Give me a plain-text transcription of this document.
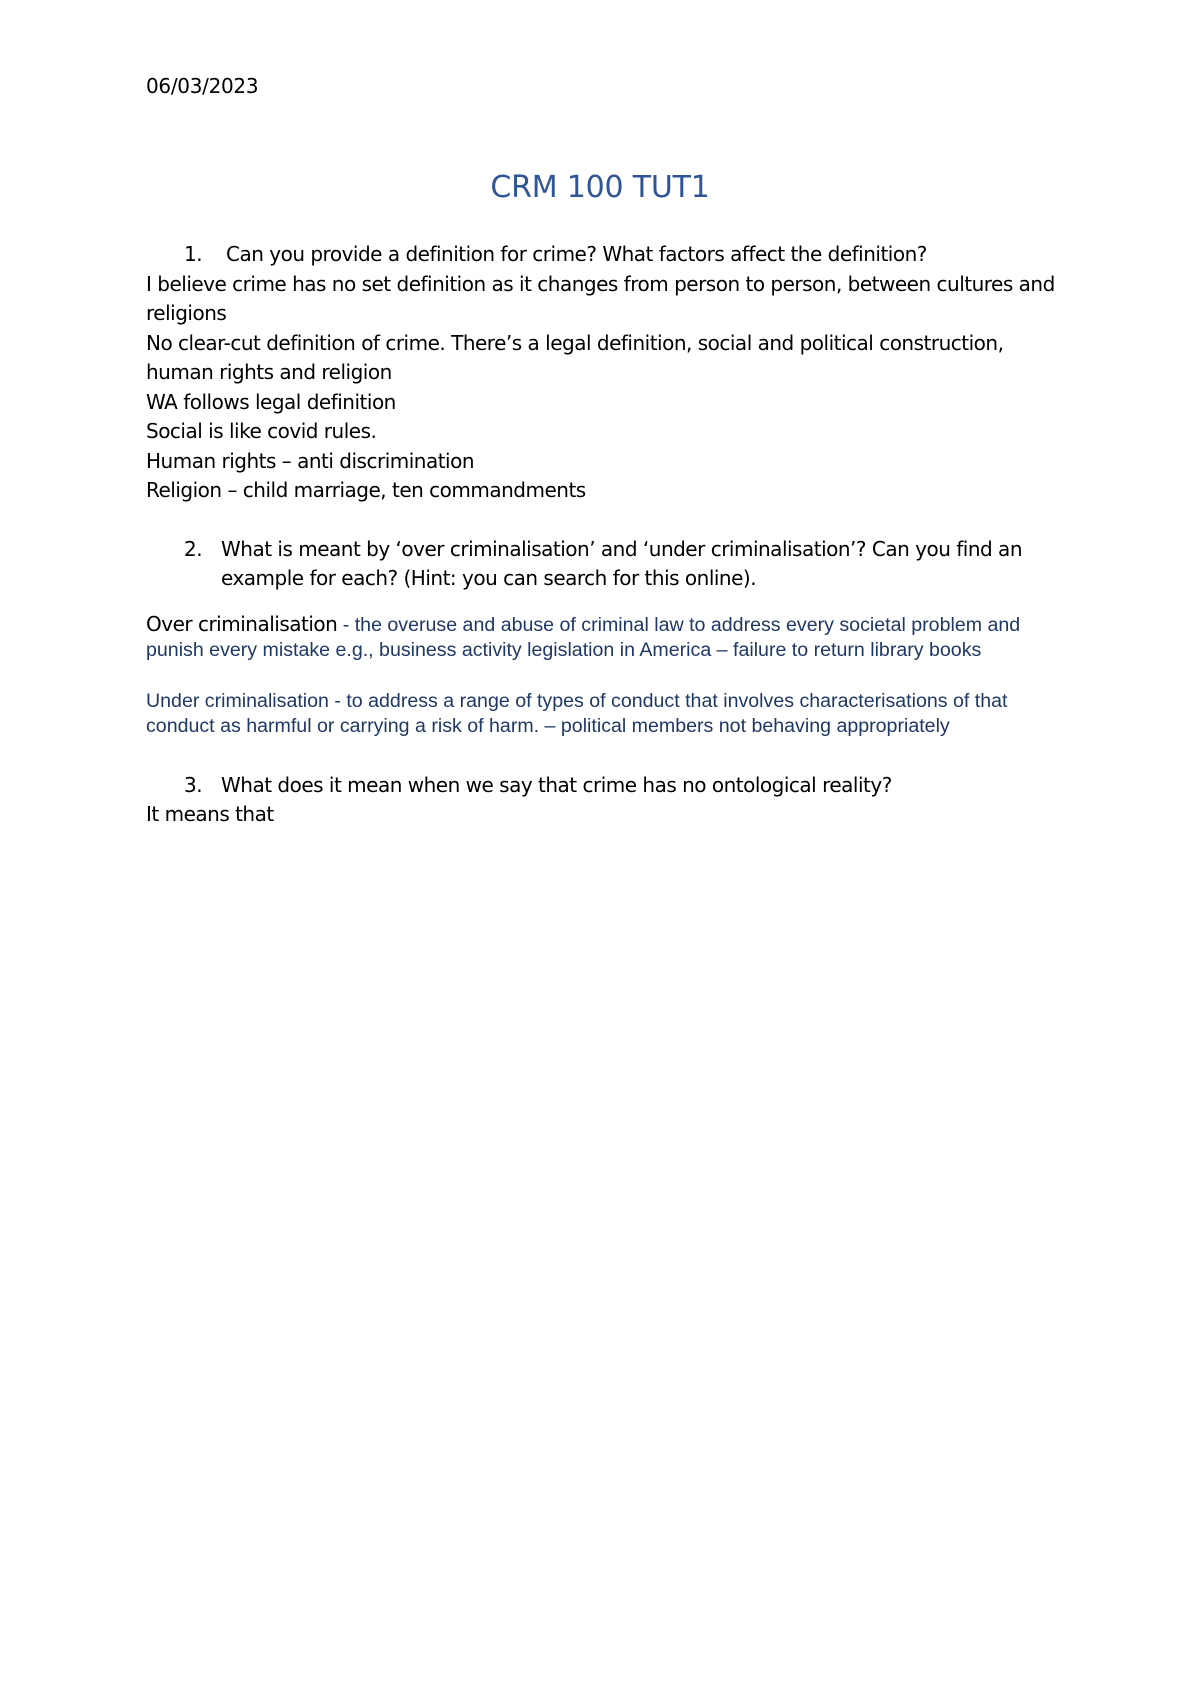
06/03/2023
CRM 100 TUT1
1.	Can you provide a definition for crime? What factors affect the definition?

I believe crime has no set definition as it changes from person to person, between cultures and religions

No clear-cut definition of crime. There’s a legal definition, social and political construction, human rights and religion

WA follows legal definition

Social is like covid rules.

Human rights – anti discrimination

Religion – child marriage, ten commandments

2. What is meant by ‘over criminalisation’ and ‘under criminalisation’? Can you find an example for each? (Hint: you can search for this online).

Over criminalisation - the overuse and abuse of criminal law to address every societal problem and punish every mistake e.g., business activity legislation in America – failure to return library books

Under criminalisation - to address a range of types of conduct that involves characterisations of that conduct as harmful or carrying a risk of harm. – political members not behaving appropriately

3. What does it mean when we say that crime has no ontological reality?

It means that
